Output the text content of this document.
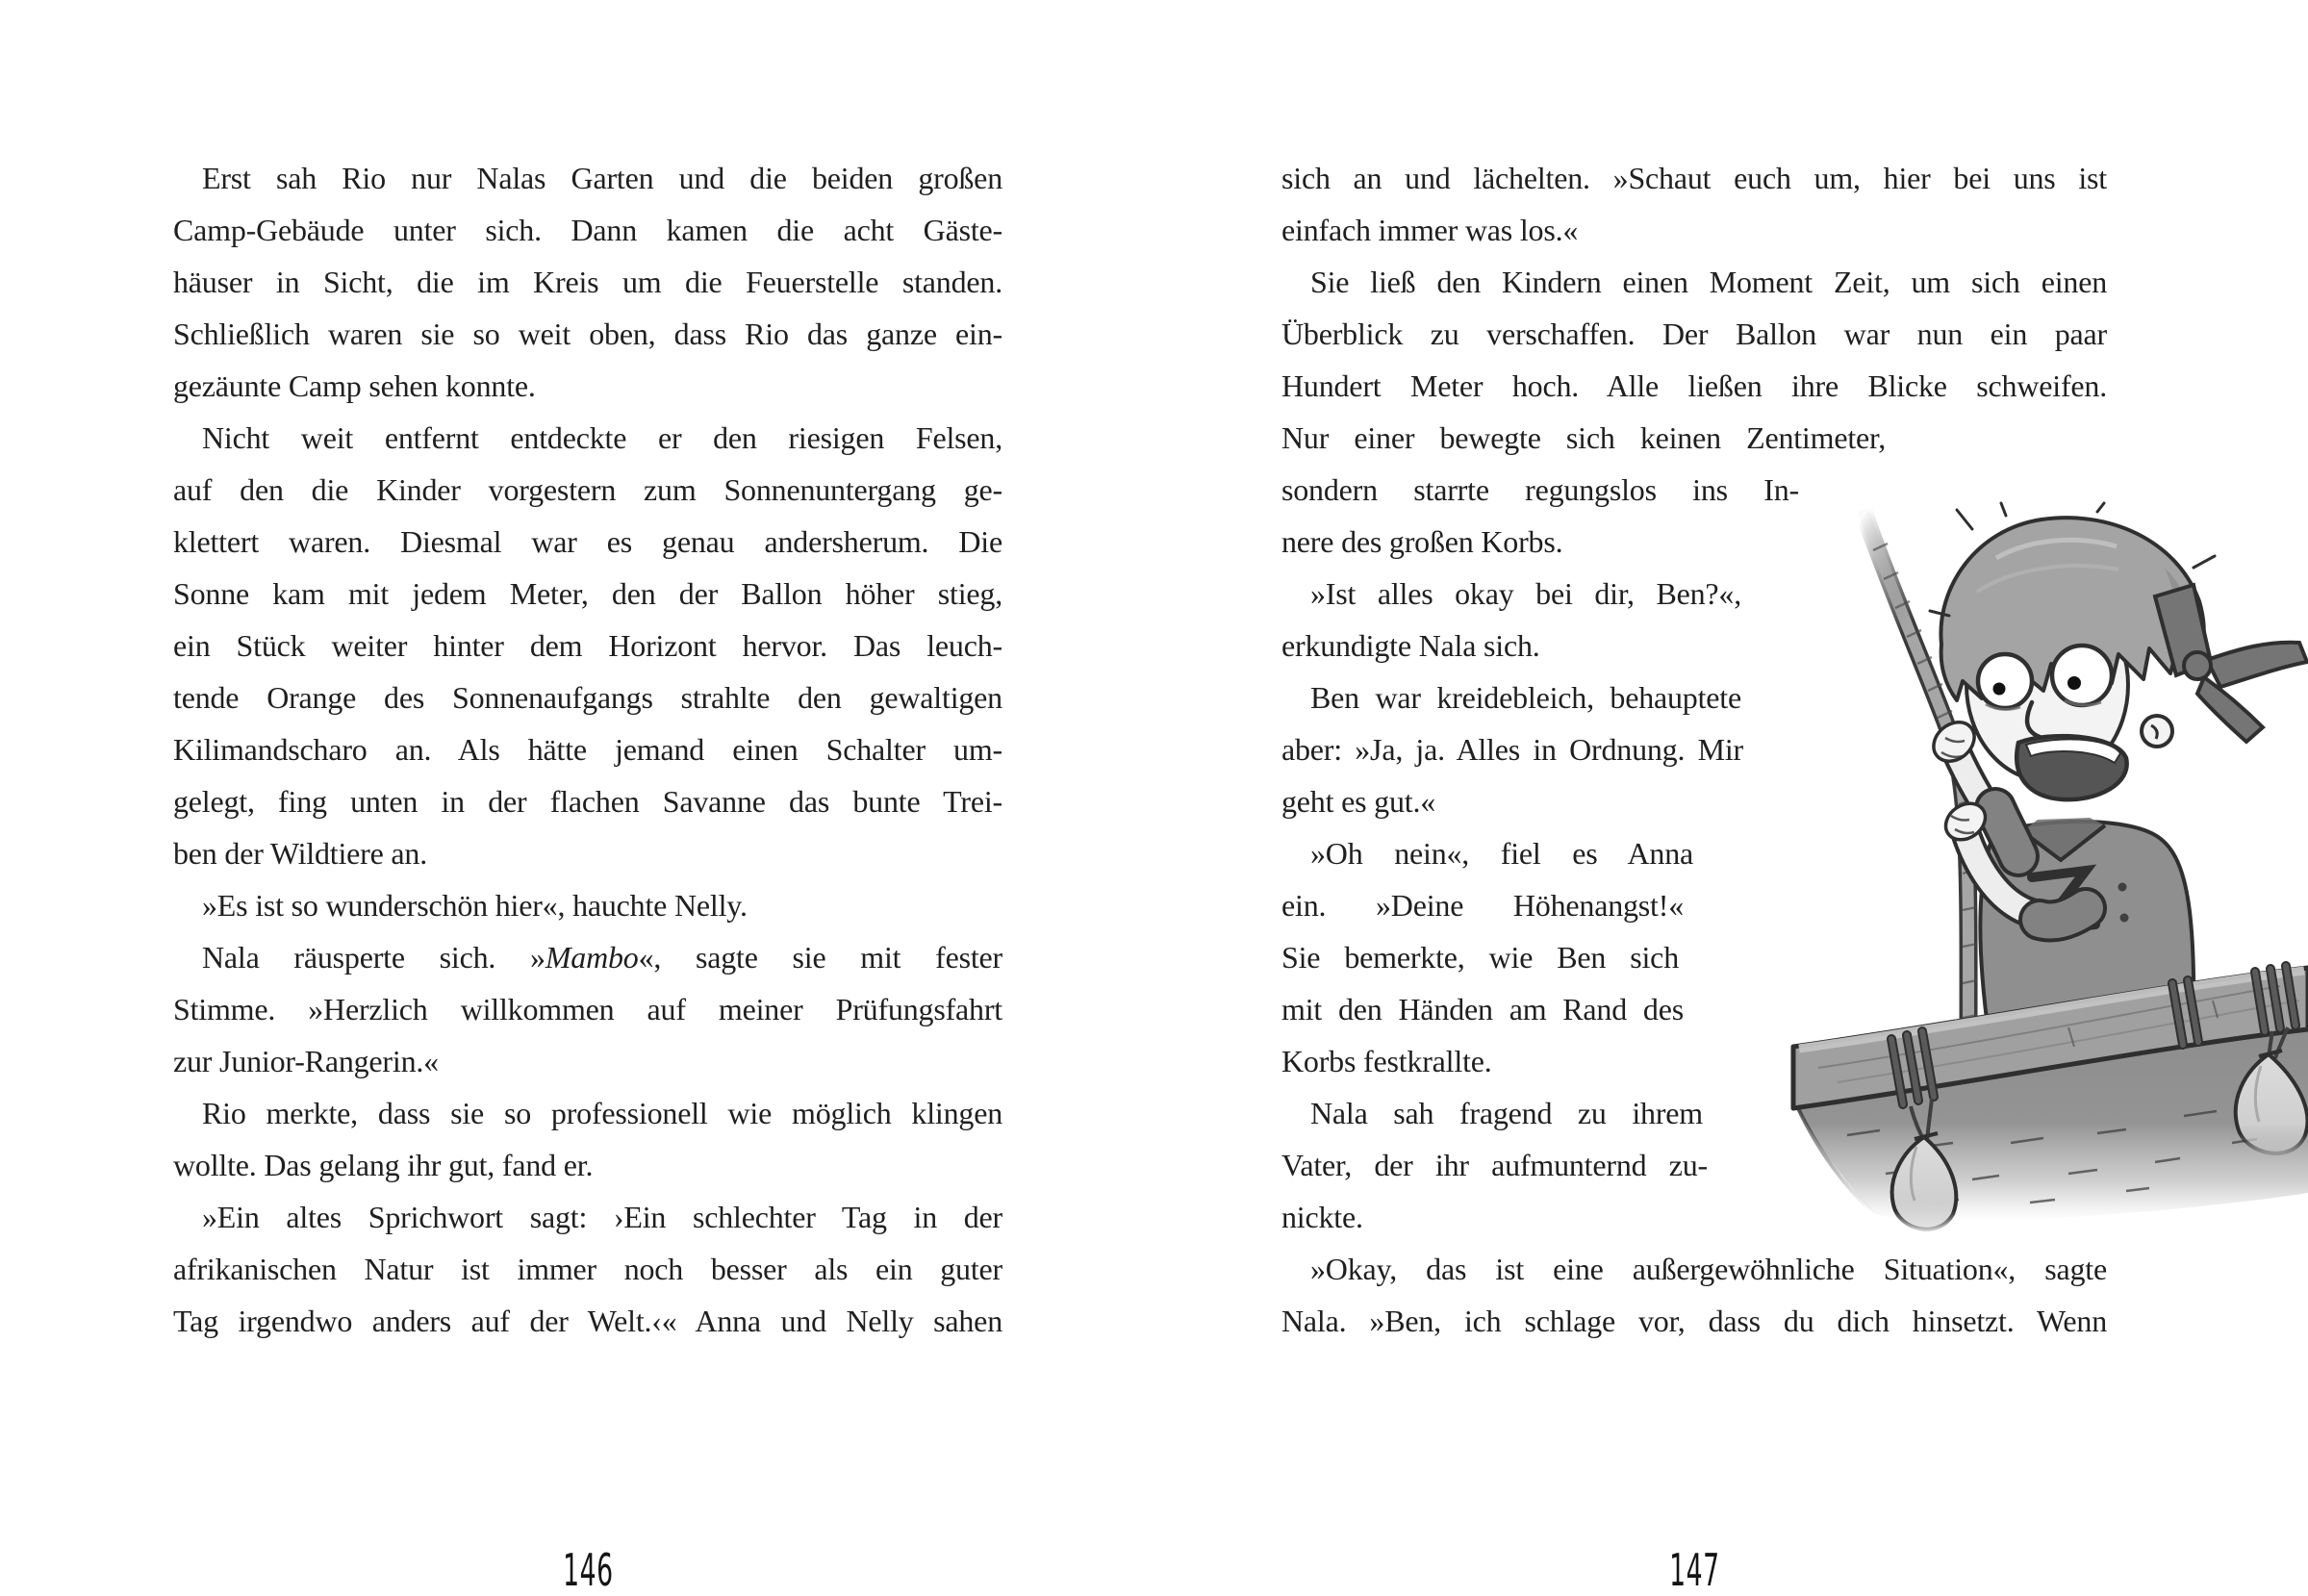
Erst sah Rio nur Nalas Garten und die beiden großen
Camp-Gebäude unter sich. Dann kamen die acht Gäste-
häuser in Sicht, die im Kreis um die Feuerstelle standen.
Schließlich waren sie so weit oben, dass Rio das ganze ein-
gezäunte Camp sehen konnte.
Nicht weit entfernt entdeckte er den riesigen Felsen,
auf den die Kinder vorgestern zum Sonnenuntergang ge-
klettert waren. Diesmal war es genau andersherum. Die
Sonne kam mit jedem Meter, den der Ballon höher stieg,
ein Stück weiter hinter dem Horizont hervor. Das leuch-
tende Orange des Sonnenaufgangs strahlte den gewaltigen
Kilimandscharo an. Als hätte jemand einen Schalter um-
gelegt, fing unten in der flachen Savanne das bunte Trei-
ben der Wildtiere an.
»Es ist so wunderschön hier«, hauchte Nelly.
Nala räusperte sich. »Mambo«, sagte sie mit fester
Stimme. »Herzlich willkommen auf meiner Prüfungsfahrt
zur Junior-Rangerin.«
Rio merkte, dass sie so professionell wie möglich klingen
wollte. Das gelang ihr gut, fand er.
»Ein altes Sprichwort sagt: ›Ein schlechter Tag in der
afrikanischen Natur ist immer noch besser als ein guter
Tag irgendwo anders auf der Welt.‹« Anna und Nelly sahen
146
sich an und lächelten. »Schaut euch um, hier bei uns ist
einfach immer was los.«
Sie ließ den Kindern einen Moment Zeit, um sich einen
Überblick zu verschaffen. Der Ballon war nun ein paar
Hundert Meter hoch. Alle ließen ihre Blicke schweifen.
Nur einer bewegte sich keinen Zentimeter,
sondern starrte regungslos ins In-
nere des großen Korbs.
»Ist alles okay bei dir, Ben?«,
erkundigte Nala sich.
Ben war kreidebleich, behauptete
aber: »Ja, ja. Alles in Ordnung. Mir
geht es gut.«
»Oh nein«, fiel es Anna
ein. »Deine Höhenangst!«
Sie bemerkte, wie Ben sich
mit den Händen am Rand des
Korbs festkrallte.
Nala sah fragend zu ihrem
Vater, der ihr aufmunternd zu-
nickte.
»Okay, das ist eine außergewöhnliche Situation«, sagte
Nala. »Ben, ich schlage vor, dass du dich hinsetzt. Wenn
147
